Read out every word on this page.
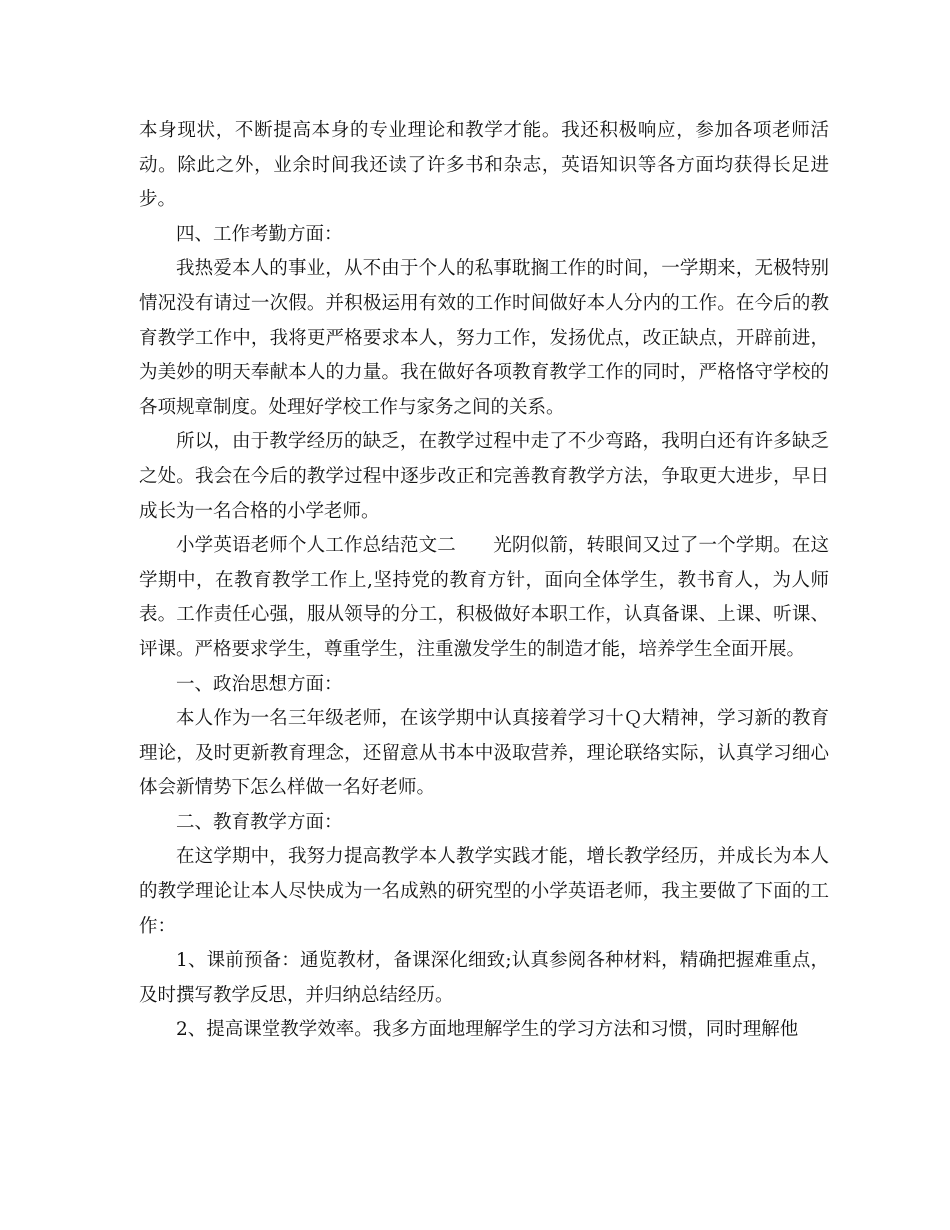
本身现状，不断提高本身的专业理论和教学才能。我还积极响应，参加各项老师活动。除此之外，业余时间我还读了许多书和杂志，英语知识等各方面均获得长足进步。

四、工作考勤方面：

我热爱本人的事业，从不由于个人的私事耽搁工作的时间，一学期来，无极特别情况没有请过一次假。并积极运用有效的工作时间做好本人分内的工作。在今后的教育教学工作中，我将更严格要求本人，努力工作，发扬优点，改正缺点，开辟前进，为美妙的明天奉献本人的力量。我在做好各项教育教学工作的同时，严格恪守学校的各项规章制度。处理好学校工作与家务之间的关系。

所以，由于教学经历的缺乏，在教学过程中走了不少弯路，我明白还有许多缺乏之处。我会在今后的教学过程中逐步改正和完善教育教学方法，争取更大进步，早日成长为一名合格的小学老师。

小学英语老师个人工作总结范文二　　光阴似箭，转眼间又过了一个学期。在这学期中，在教育教学工作上,坚持党的教育方针，面向全体学生，教书育人，为人师表。工作责任心强，服从领导的分工，积极做好本职工作，认真备课、上课、听课、评课。严格要求学生，尊重学生，注重激发学生的制造才能，培养学生全面开展。

一、政治思想方面：

本人作为一名三年级老师，在该学期中认真接着学习十Ｑ大精神，学习新的教育理论，及时更新教育理念，还留意从书本中汲取营养，理论联络实际，认真学习细心体会新情势下怎么样做一名好老师。

二、教育教学方面：

在这学期中，我努力提高教学本人教学实践才能，增长教学经历，并成长为本人的教学理论让本人尽快成为一名成熟的研究型的小学英语老师，我主要做了下面的工作：

1、课前预备：通览教材，备课深化细致;认真参阅各种材料，精确把握难重点，及时撰写教学反思，并归纳总结经历。

2、提高课堂教学效率。我多方面地理解学生的学习方法和习惯，同时理解他
